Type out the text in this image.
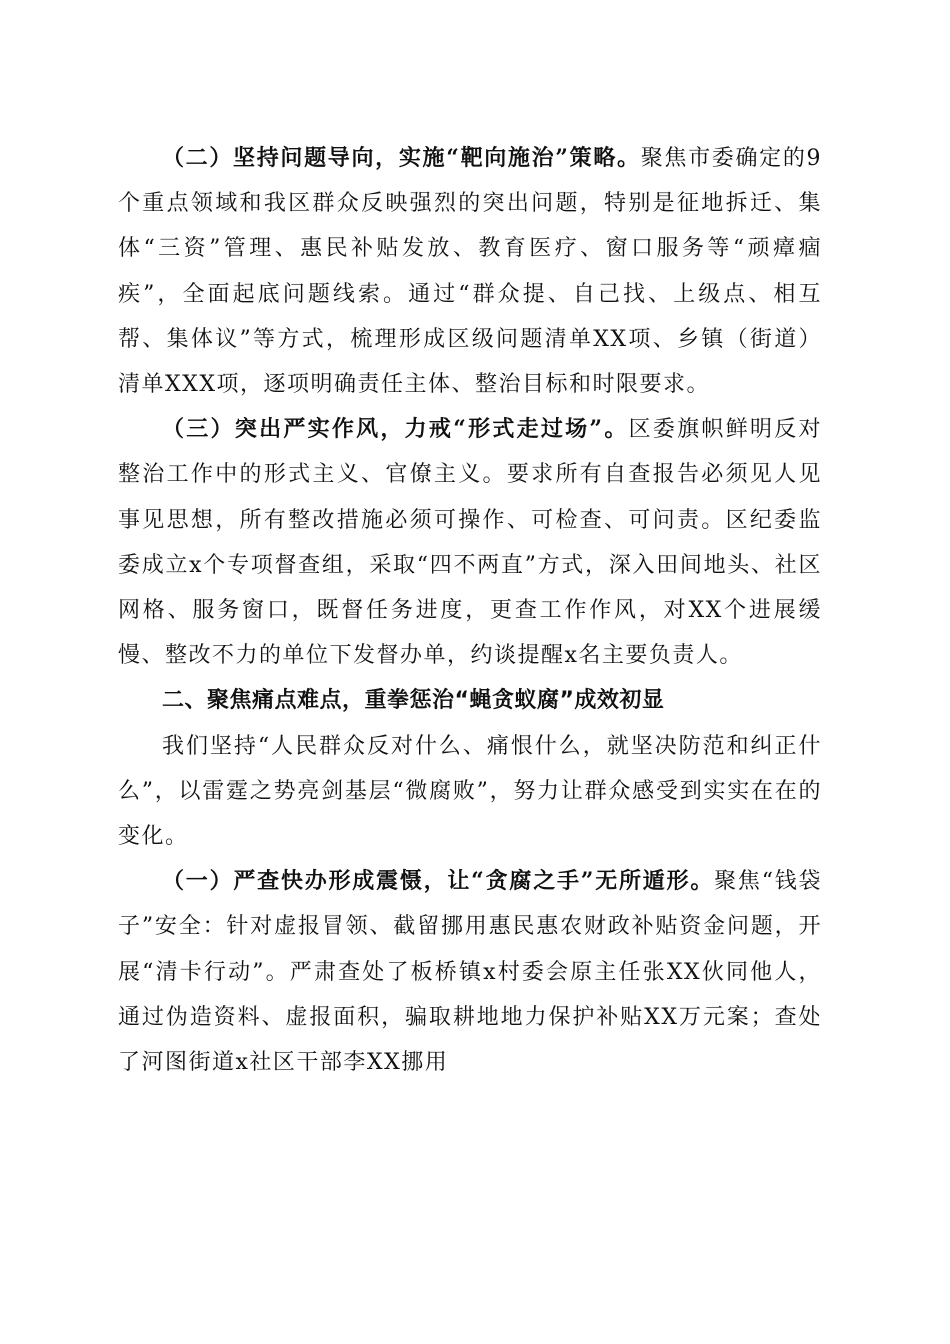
（二）坚持问题导向，实施“靶向施治”策略。聚焦市委确定的9个重点领域和我区群众反映强烈的突出问题，特别是征地拆迁、集体“三资”管理、惠民补贴发放、教育医疗、窗口服务等“顽瘴痼疾”，全面起底问题线索。通过“群众提、自己找、上级点、相互帮、集体议”等方式，梳理形成区级问题清单XX项、乡镇（街道）清单XXX项，逐项明确责任主体、整治目标和时限要求。

（三）突出严实作风，力戒“形式走过场”。区委旗帜鲜明反对整治工作中的形式主义、官僚主义。要求所有自查报告必须见人见事见思想，所有整改措施必须可操作、可检查、可问责。区纪委监委成立x个专项督查组，采取“四不两直”方式，深入田间地头、社区网格、服务窗口，既督任务进度，更查工作作风，对XX个进展缓慢、整改不力的单位下发督办单，约谈提醒x名主要负责人。

二、聚焦痛点难点，重拳惩治“蝇贪蚁腐”成效初显

我们坚持“人民群众反对什么、痛恨什么，就坚决防范和纠正什么”，以雷霆之势亮剑基层“微腐败”，努力让群众感受到实实在在的变化。

（一）严查快办形成震慑，让“贪腐之手”无所遁形。聚焦“钱袋子”安全：针对虚报冒领、截留挪用惠民惠农财政补贴资金问题，开展“清卡行动”。严肃查处了板桥镇x村委会原主任张XX伙同他人，通过伪造资料、虚报面积，骗取耕地地力保护补贴XX万元案；查处了河图街道x社区干部李XX挪用
